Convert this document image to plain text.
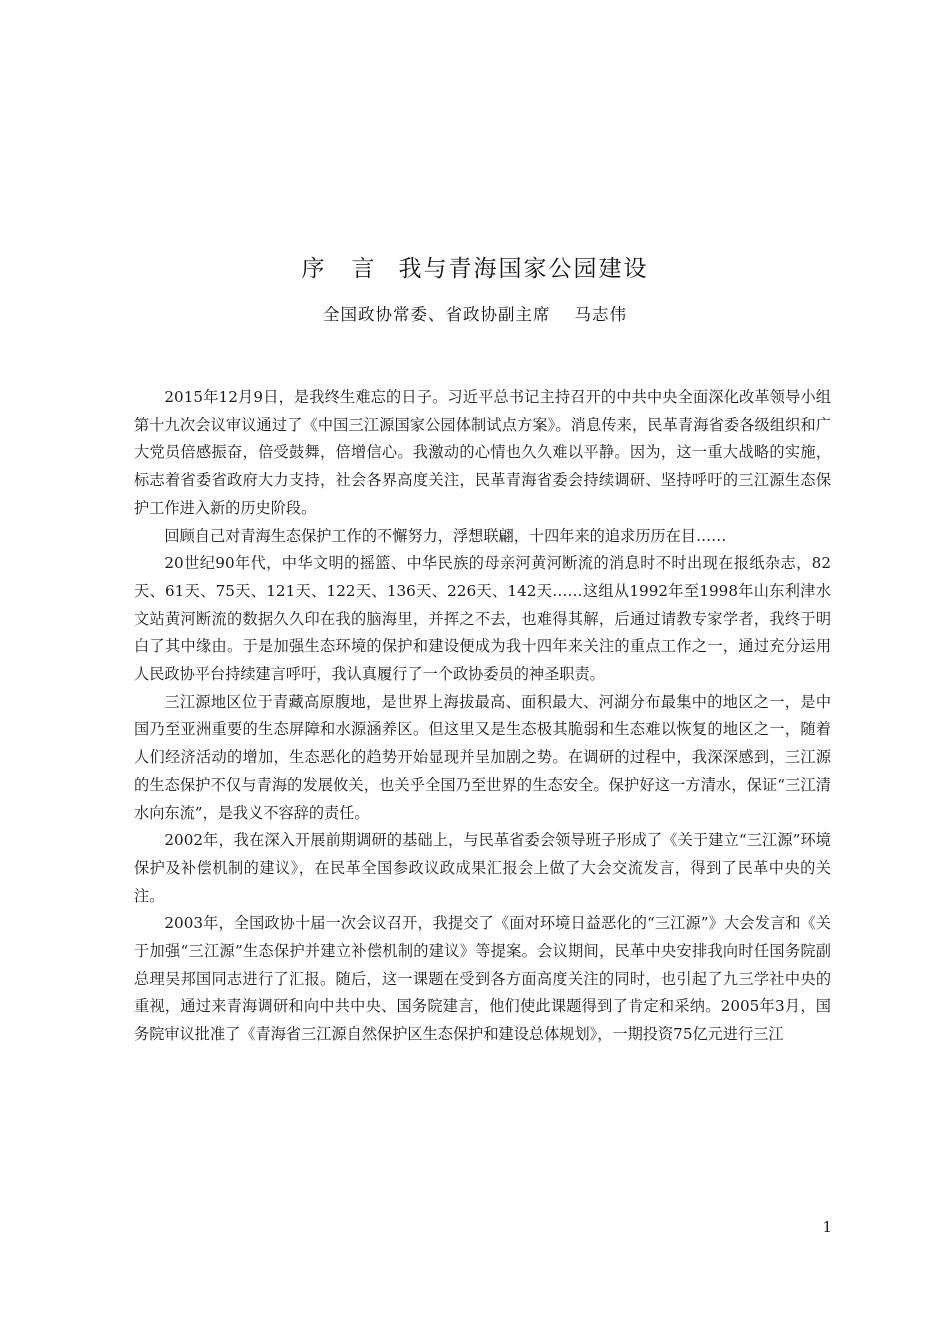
序　言 我与青海国家公园建设
全国政协常委、省政协副主席 马志伟

2015年12月9日，是我终生难忘的日子。习近平总书记主持召开的中共中央全面深化改革领导小组第十九次会议审议通过了《中国三江源国家公园体制试点方案》。消息传来，民革青海省委各级组织和广大党员倍感振奋，倍受鼓舞，倍增信心。我激动的心情也久久难以平静。因为，这一重大战略的实施，标志着省委省政府大力支持，社会各界高度关注，民革青海省委会持续调研、坚持呼吁的三江源生态保护工作进入新的历史阶段。

回顾自己对青海生态保护工作的不懈努力，浮想联翩，十四年来的追求历历在目……

20世纪90年代，中华文明的摇篮、中华民族的母亲河黄河断流的消息时不时出现在报纸杂志，82天、61天、75天、121天、122天、136天、226天、142天……这组从1992年至1998年山东利津水文站黄河断流的数据久久印在我的脑海里，并挥之不去，也难得其解，后通过请教专家学者，我终于明白了其中缘由。于是加强生态环境的保护和建设便成为我十四年来关注的重点工作之一，通过充分运用人民政协平台持续建言呼吁，我认真履行了一个政协委员的神圣职责。

三江源地区位于青藏高原腹地，是世界上海拔最高、面积最大、河湖分布最集中的地区之一，是中国乃至亚洲重要的生态屏障和水源涵养区。但这里又是生态极其脆弱和生态难以恢复的地区之一，随着人们经济活动的增加，生态恶化的趋势开始显现并呈加剧之势。在调研的过程中，我深深感到，三江源的生态保护不仅与青海的发展攸关，也关乎全国乃至世界的生态安全。保护好这一方清水，保证“三江清水向东流”，是我义不容辞的责任。

2002年，我在深入开展前期调研的基础上，与民革省委会领导班子形成了《关于建立“三江源”环境保护及补偿机制的建议》，在民革全国参政议政成果汇报会上做了大会交流发言，得到了民革中央的关注。

2003年，全国政协十届一次会议召开，我提交了《面对环境日益恶化的“三江源”》大会发言和《关于加强“三江源”生态保护并建立补偿机制的建议》等提案。会议期间，民革中央安排我向时任国务院副总理吴邦国同志进行了汇报。随后，这一课题在受到各方面高度关注的同时，也引起了九三学社中央的重视，通过来青海调研和向中共中央、国务院建言，他们使此课题得到了肯定和采纳。2005年3月，国务院审议批准了《青海省三江源自然保护区生态保护和建设总体规划》，一期投资75亿元进行三江

1
